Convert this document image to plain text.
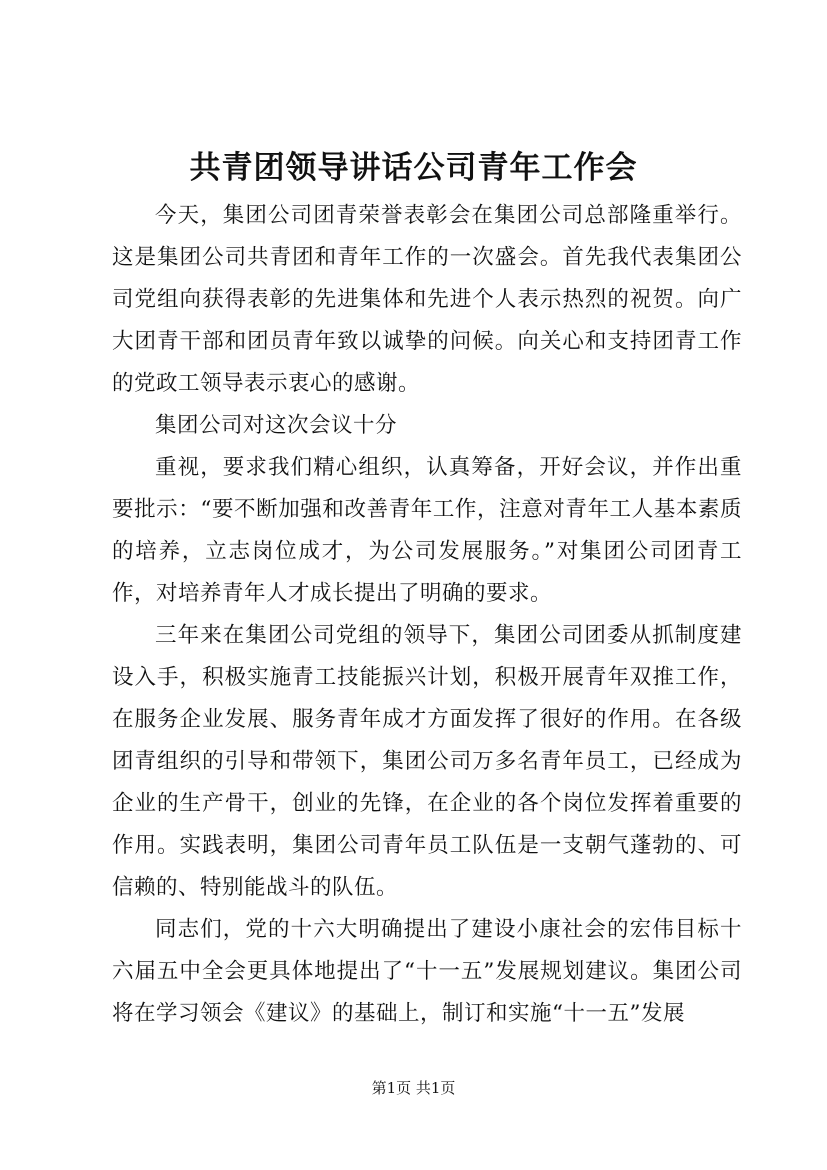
共青团领导讲话公司青年工作会

今天，集团公司团青荣誉表彰会在集团公司总部隆重举行。这是集团公司共青团和青年工作的一次盛会。首先我代表集团公司党组向获得表彰的先进集体和先进个人表示热烈的祝贺。向广大团青干部和团员青年致以诚挚的问候。向关心和支持团青工作的党政工领导表示衷心的感谢。

集团公司对这次会议十分

重视，要求我们精心组织，认真筹备，开好会议，并作出重要批示：“要不断加强和改善青年工作，注意对青年工人基本素质的培养，立志岗位成才，为公司发展服务。”对集团公司团青工作，对培养青年人才成长提出了明确的要求。

三年来在集团公司党组的领导下，集团公司团委从抓制度建设入手，积极实施青工技能振兴计划，积极开展青年双推工作，在服务企业发展、服务青年成才方面发挥了很好的作用。在各级团青组织的引导和带领下，集团公司万多名青年员工，已经成为企业的生产骨干，创业的先锋，在企业的各个岗位发挥着重要的作用。实践表明，集团公司青年员工队伍是一支朝气蓬勃的、可信赖的、特别能战斗的队伍。

同志们，党的十六大明确提出了建设小康社会的宏伟目标十六届五中全会更具体地提出了“十一五”发展规划建议。集团公司将在学习领会《建议》的基础上，制订和实施“十一五”发展

第1页 共1页
